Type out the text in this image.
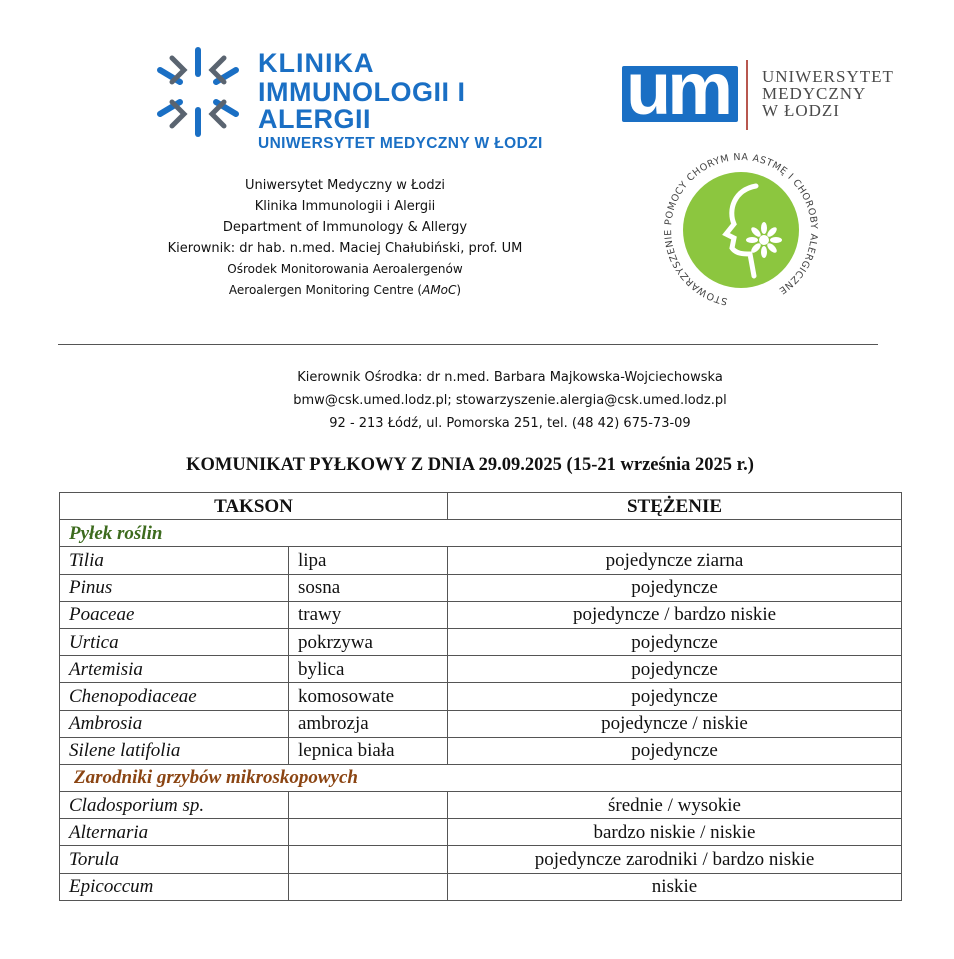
KLINIKA
IMMUNOLOGII I ALERGII
UNIWERSYTET MEDYCZNY W ŁODZI
um UNIWERSYTET
MEDYCZNY
W ŁODZI
STOWARZYSZENIE POMOCY CHORYM NA ASTMĘ I CHOROBY ALERGICZNE
Uniwersytet Medyczny w Łodzi
Klinika Immunologii i Alergii
Department of Immunology & Allergy
Kierownik: dr hab. n.med. Maciej Chałubiński, prof. UM
Ośrodek Monitorowania Aeroalergenów
Aeroalergen Monitoring Centre (AMoC)
Kierownik Ośrodka: dr n.med. Barbara Majkowska-Wojciechowska
bmw@csk.umed.lodz.pl; stowarzyszenie.alergia@csk.umed.lodz.pl
92 - 213 Łódź, ul. Pomorska 251, tel. (48 42) 675-73-09
KOMUNIKAT PYŁKOWY Z DNIA 29.09.2025 (15-21 września 2025 r.)
TAKSON		STĘŻENIE
Pyłek roślin		
Tilia	lipa	pojedyncze ziarna
Pinus	sosna	pojedyncze
Poaceae	trawy	pojedyncze / bardzo niskie
Urtica	pokrzywa	pojedyncze
Artemisia	bylica	pojedyncze
Chenopodiaceae	komosowate	pojedyncze
Ambrosia	ambrozja	pojedyncze / niskie
Silene latifolia	lepnica biała	pojedyncze
Zarodniki grzybów mikroskopowych		
Cladosporium sp.		średnie / wysokie
Alternaria		bardzo niskie / niskie
Torula		pojedyncze zarodniki / bardzo niskie
Epicoccum		niskie
